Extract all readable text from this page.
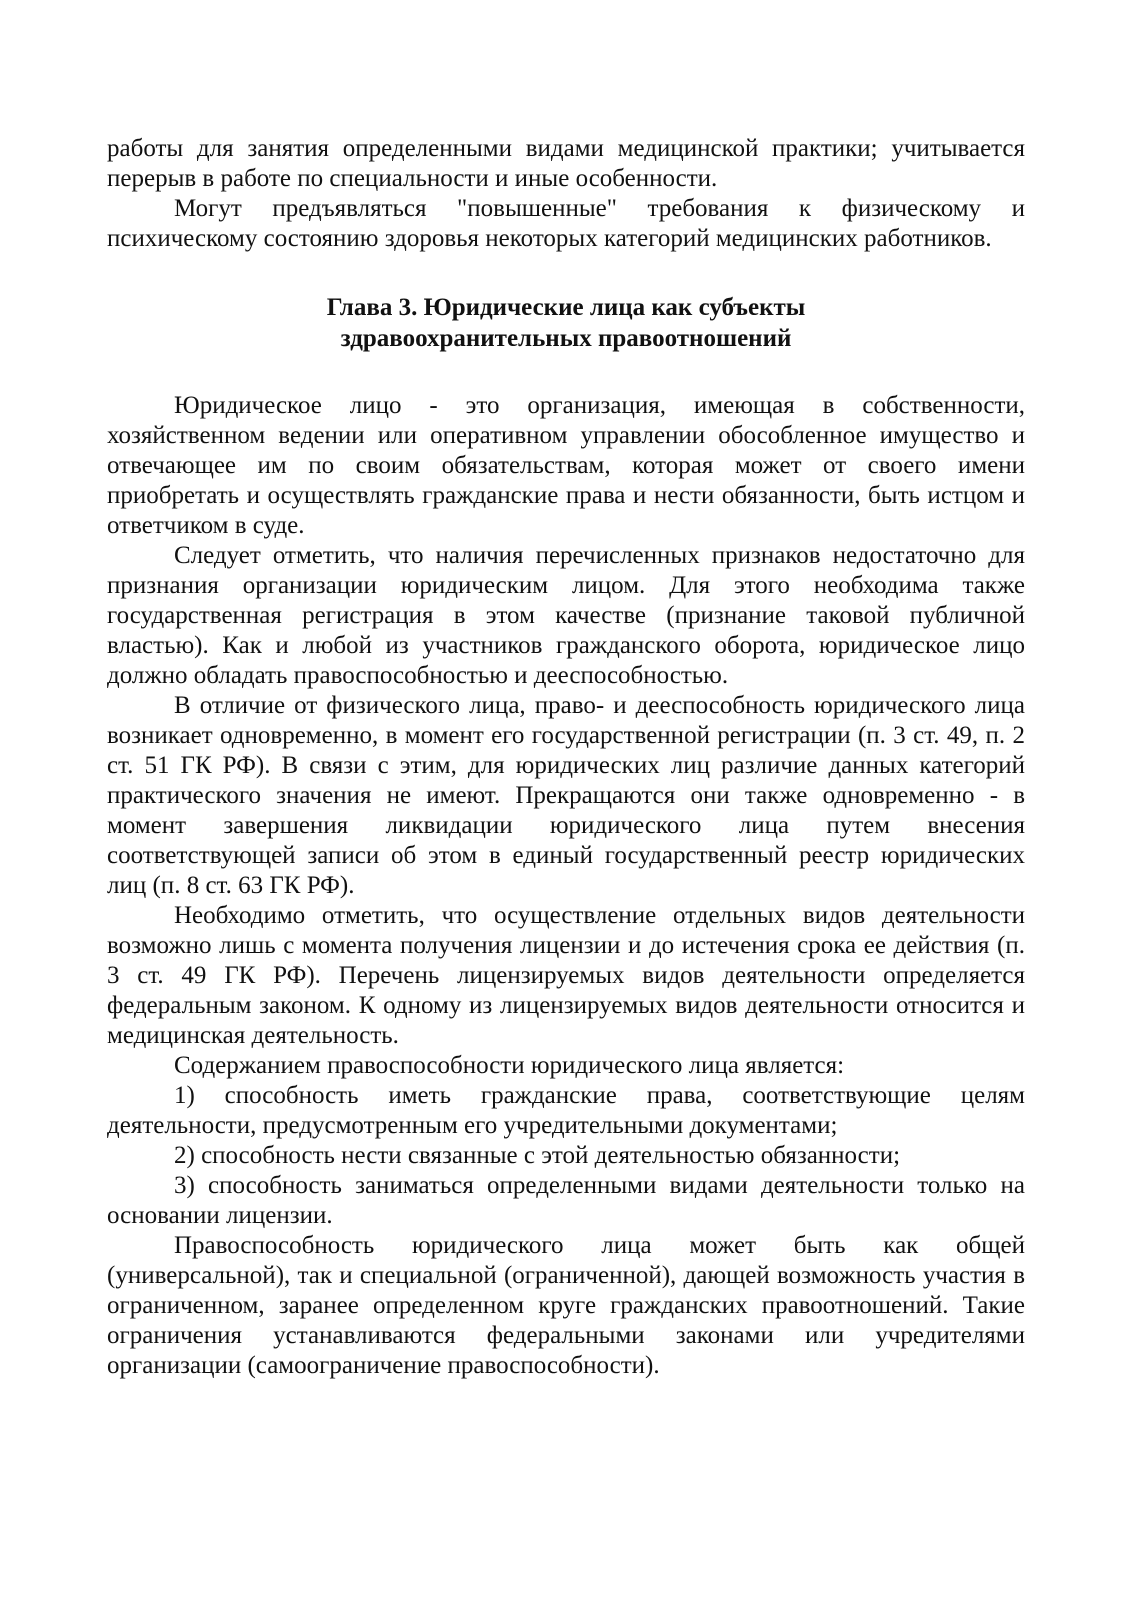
работы для занятия определенными видами медицинской практики; учитывается перерыв в работе по специальности и иные особенности.

Могут предъявляться "повышенные" требования к физическому и психическому состоянию здоровья некоторых категорий медицинских работников.

Глава 3. Юридические лица как субъекты
здравоохранительных правоотношений

Юридическое лицо - это организация, имеющая в собственности, хозяйственном ведении или оперативном управлении обособленное имущество и отвечающее им по своим обязательствам, которая может от своего имени приобретать и осуществлять гражданские права и нести обязанности, быть истцом и ответчиком в суде.

Следует отметить, что наличия перечисленных признаков недостаточно для признания организации юридическим лицом. Для этого необходима также государственная регистрация в этом качестве (признание таковой публичной властью). Как и любой из участников гражданского оборота, юридическое лицо должно обладать правоспособностью и дееспособностью.

В отличие от физического лица, право- и дееспособность юридического лица возникает одновременно, в момент его государственной регистрации (п. 3 ст. 49, п. 2 ст. 51 ГК РФ). В связи с этим, для юридических лиц различие данных категорий практического значения не имеют. Прекращаются они также одновременно - в момент завершения ликвидации юридического лица путем внесения соответствующей записи об этом в единый государственный реестр юридических лиц (п. 8 ст. 63 ГК РФ).

Необходимо отметить, что осуществление отдельных видов деятельности возможно лишь с момента получения лицензии и до истечения срока ее действия (п. 3 ст. 49 ГК РФ). Перечень лицензируемых видов деятельности определяется федеральным законом. К одному из лицензируемых видов деятельности относится и медицинская деятельность.

Содержанием правоспособности юридического лица является:

1) способность иметь гражданские права, соответствующие целям деятельности, предусмотренным его учредительными документами;

2) способность нести связанные с этой деятельностью обязанности;

3) способность заниматься определенными видами деятельности только на основании лицензии.

Правоспособность юридического лица может быть как общей (универсальной), так и специальной (ограниченной), дающей возможность участия в ограниченном, заранее определенном круге гражданских правоотношений. Такие ограничения устанавливаются федеральными законами или учредителями организации (самоограничение правоспособности).
